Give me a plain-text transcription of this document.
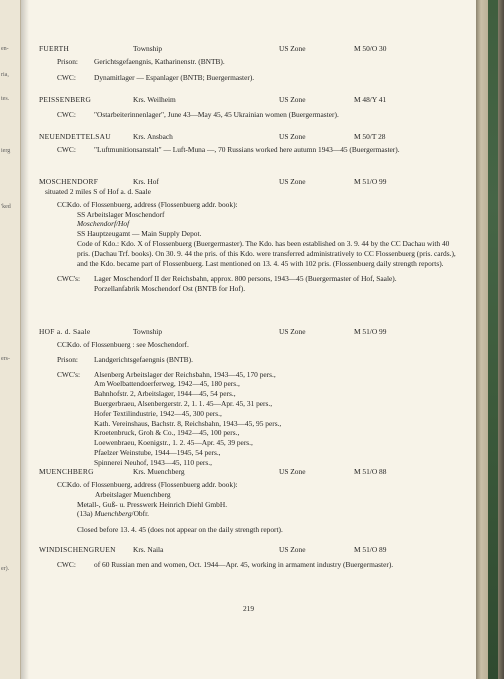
en-
ria,
tes.
ierg
'ked
ers-
er).
FUERTH	Township	US Zone	M 50/O 30
Prison:	Gerichtsgefaengnis, Katharinenstr. (BNTB).
CWC:	Dynamitlager — Espanlager (BNTB; Buergermaster).
PEISSENBERG	Krs. Weilheim	US Zone	M 48/Y 41
CWC:	"Ostarbeiterinnenlager", June 43—May 45, 45 Ukrainian women (Buergermaster).
NEUENDETTELSAU	Krs. Ansbach	US Zone	M 50/T 28
CWC:	"Luftmunitionsanstalt" — Luft-Muna —, 70 Russians worked here autumn 1943—45 (Buergermaster).
MOSCHENDORF	Krs. Hof	US Zone	M 51/O 99
situated 2 miles S of Hof a. d. Saale
CCKdo. of Flossenbuerg, address (Flossenbuerg addr. book):
SS Arbeitslager Moschendorf
Moschendorf/Hof
SS Hauptzeugamt — Main Supply Depot.
Code of Kdo.: Kdo. X of Flossenbuerg (Buergermaster). The Kdo. has been established on 3. 9. 44 by the CC Dachau with 40 pris. (Dachau Trf. books). On 30. 9. 44 the pris. of this Kdo. were transferred administratively to CC Flossenbuerg (pris. cards.), and the Kdo. became part of Flossenbuerg. Last mentioned on 13. 4. 45 with 102 pris. (Flossenbuerg daily strength reports).
CWC's:	Lager Moschendorf II der Reichsbahn, approx. 800 persons, 1943—45 (Buergermaster of Hof, Saale).
Porzellanfabrik Moschendorf Ost (BNTB for Hof).
HOF a. d. Saale	Township	US Zone	M 51/O 99
CCKdo. of Flossenbuerg : see Moschendorf.
Prison:	Landgerichtsgefaengnis (BNTB).
CWC's:	Alsenberg Arbeitslager der Reichsbahn, 1943—45, 170 pers.,
Am Woelbattendoerferweg, 1942—45, 180 pers.,
Bahnhofstr. 2, Arbeitslager, 1944—45, 54 pers.,
Buergerbraeu, Alsenbergerstr. 2, 1. 1. 45—Apr. 45, 31 pers.,
Hofer Textilindustrie, 1942—45, 300 pers.,
Kath. Vereinshaus, Bachstr. 8, Reichsbahn, 1943—45, 95 pers.,
Kroetenbruck, Groh & Co., 1942—45, 100 pers.,
Loewenbraeu, Koenigstr., 1. 2. 45—Apr. 45, 39 pers.,
Pfaelzer Weinstube, 1944—1945, 54 pers.,
Spinnerei Neuhof, 1943—45, 110 pers.,
MUENCHBERG	Krs. Muenchberg	US Zone	M 51/O 88
CCKdo. of Flossenbuerg, address (Flossenbuerg addr. book):
Arbeitslager Muenchberg
Metall-, Guß- u. Presswerk Heinrich Diehl GmbH.
(13a) Muenchberg/Obfr.
Closed before 13. 4. 45 (does not appear on the daily strength report).
WINDISCHENGRUEN Krs. Naila	US Zone	M 51/O 89
CWC:	of 60 Russian men and women, Oct. 1944—Apr. 45, working in armament industry (Buergermaster).
219
